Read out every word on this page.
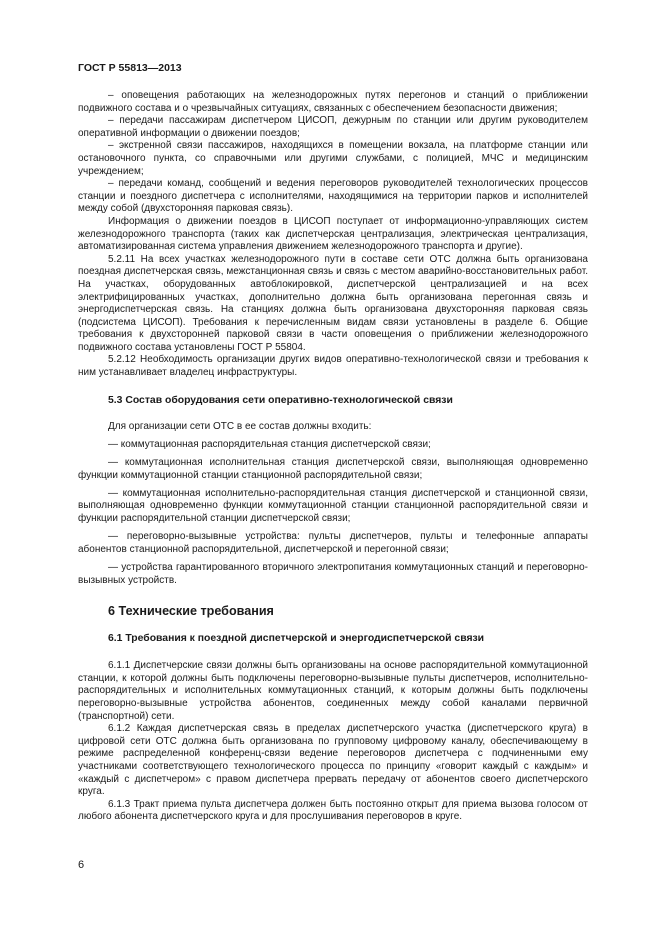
ГОСТ Р 55813—2013

– оповещения работающих на железнодорожных путях перегонов и станций о приближении подвижного состава и о чрезвычайных ситуациях, связанных с обеспечением безопасности движения;

– передачи пассажирам диспетчером ЦИСОП, дежурным по станции или другим руководителем оперативной информации о движении поездов;

– экстренной связи пассажиров, находящихся в помещении вокзала, на платформе станции или остановочного пункта, со справочными или другими службами, с полицией, МЧС и медицинским учреждением;

– передачи команд, сообщений и ведения переговоров руководителей технологических процессов станции и поездного диспетчера с исполнителями, находящимися на территории парков и исполнителей между собой (двухсторонняя парковая связь).

Информация о движении поездов в ЦИСОП поступает от информационно-управляющих систем железнодорожного транспорта (таких как диспетчерская централизация, электрическая централизация, автоматизированная система управления движением железнодорожного транспорта и другие).

5.2.11 На всех участках железнодорожного пути в составе сети ОТС должна быть организована поездная диспетчерская связь, межстанционная связь и связь с местом аварийно-восстановительных работ. На участках, оборудованных автоблокировкой, диспетчерской централизацией и на всех электрифицированных участках, дополнительно должна быть организована перегонная связь и энергодиспетчерская связь. На станциях должна быть организована двухсторонняя парковая связь (подсистема ЦИСОП). Требования к перечисленным видам связи установлены в разделе 6. Общие требования к двухсторонней парковой связи в части оповещения о приближении железнодорожного подвижного состава установлены ГОСТ Р 55804.

5.2.12 Необходимость организации других видов оперативно-технологической связи и требования к ним устанавливает владелец инфраструктуры.

5.3 Состав оборудования сети оперативно-технологической связи

Для организации сети ОТС в ее состав должны входить:

— коммутационная распорядительная станция диспетчерской связи;

— коммутационная исполнительная станция диспетчерской связи, выполняющая одновременно функции коммутационной станции станционной распорядительной связи;

— коммутационная исполнительно-распорядительная станция диспетчерской и станционной связи, выполняющая одновременно функции коммутационной станции станционной распорядительной связи и функции распорядительной станции диспетчерской связи;

— переговорно-вызывные устройства: пульты диспетчеров, пульты и телефонные аппараты абонентов станционной распорядительной, диспетчерской и перегонной связи;

— устройства гарантированного вторичного электропитания коммутационных станций и переговорно-вызывных устройств.

6 Технические требования
6.1 Требования к поездной диспетчерской и энергодиспетчерской связи

6.1.1 Диспетчерские связи должны быть организованы на основе распорядительной коммутационной станции, к которой должны быть подключены переговорно-вызывные пульты диспетчеров, исполнительно-распорядительных и исполнительных коммутационных станций, к которым должны быть подключены переговорно-вызывные устройства абонентов, соединенных между собой каналами первичной (транспортной) сети.

6.1.2 Каждая диспетчерская связь в пределах диспетчерского участка (диспетчерского круга) в цифровой сети ОТС должна быть организована по групповому цифровому каналу, обеспечивающему в режиме распределенной конференц-связи ведение переговоров диспетчера с подчиненными ему участниками соответствующего технологического процесса по принципу «говорит каждый с каждым» и «каждый с диспетчером» с правом диспетчера прервать передачу от абонентов своего диспетчерского круга.

6.1.3 Тракт приема пульта диспетчера должен быть постоянно открыт для приема вызова голосом от любого абонента диспетчерского круга и для прослушивания переговоров в круге.

6
